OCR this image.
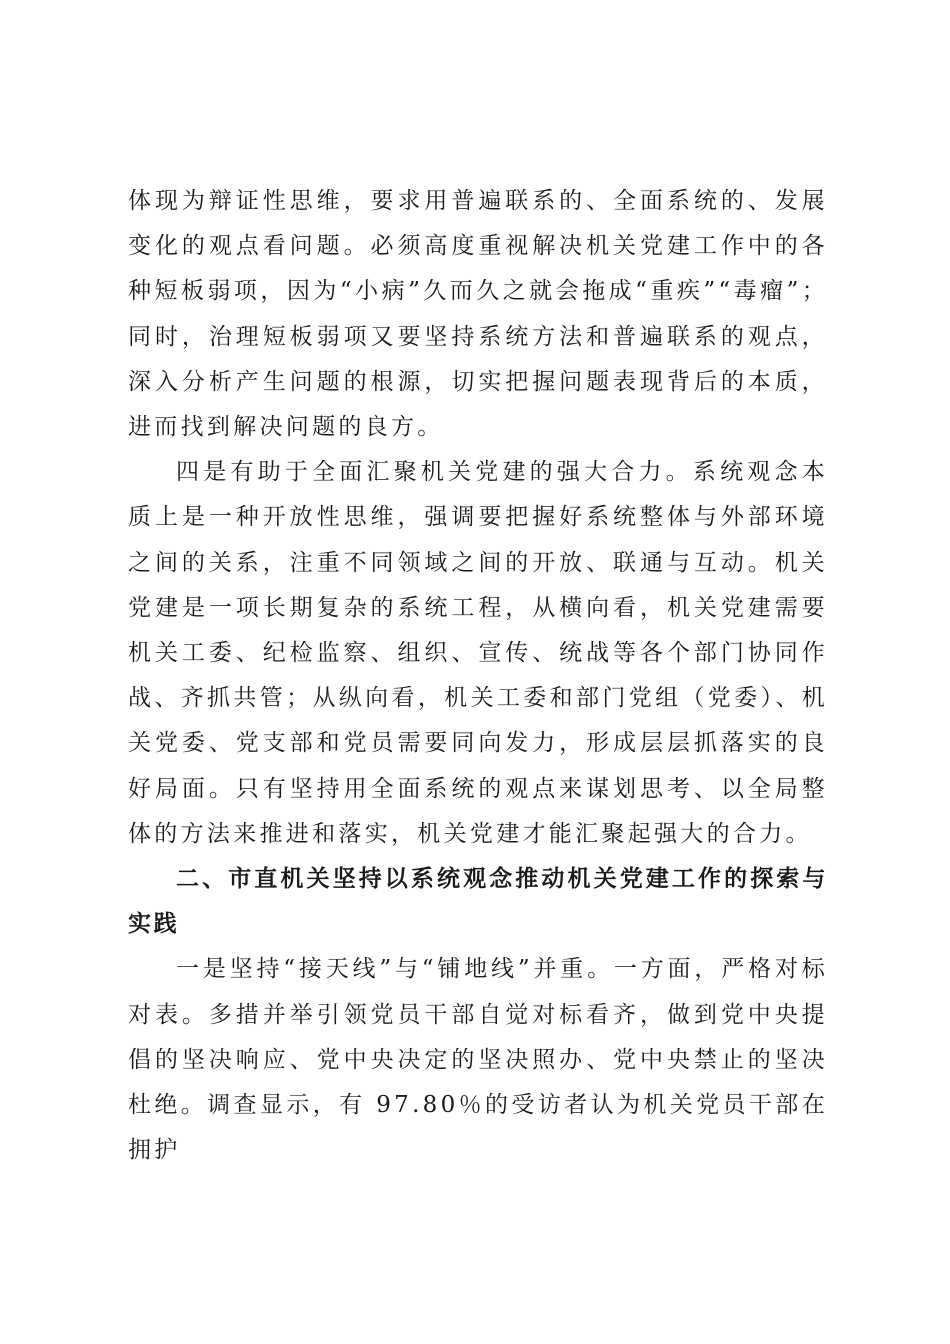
体现为辩证性思维，要求用普遍联系的、全面系统的、发展变化的观点看问题。必须高度重视解决机关党建工作中的各种短板弱项，因为“小病”久而久之就会拖成“重疾”“毒瘤”；同时，治理短板弱项又要坚持系统方法和普遍联系的观点，深入分析产生问题的根源，切实把握问题表现背后的本质，进而找到解决问题的良方。

四是有助于全面汇聚机关党建的强大合力。系统观念本质上是一种开放性思维，强调要把握好系统整体与外部环境之间的关系，注重不同领域之间的开放、联通与互动。机关党建是一项长期复杂的系统工程，从横向看，机关党建需要机关工委、纪检监察、组织、宣传、统战等各个部门协同作战、齐抓共管；从纵向看，机关工委和部门党组（党委）、机关党委、党支部和党员需要同向发力，形成层层抓落实的良好局面。只有坚持用全面系统的观点来谋划思考、以全局整体的方法来推进和落实，机关党建才能汇聚起强大的合力。

二、市直机关坚持以系统观念推动机关党建工作的探索与实践

一是坚持“接天线”与“铺地线”并重。一方面，严格对标对表。多措并举引领党员干部自觉对标看齐，做到党中央提倡的坚决响应、党中央决定的坚决照办、党中央禁止的坚决杜绝。调查显示，有 97.80％的受访者认为机关党员干部在拥护
